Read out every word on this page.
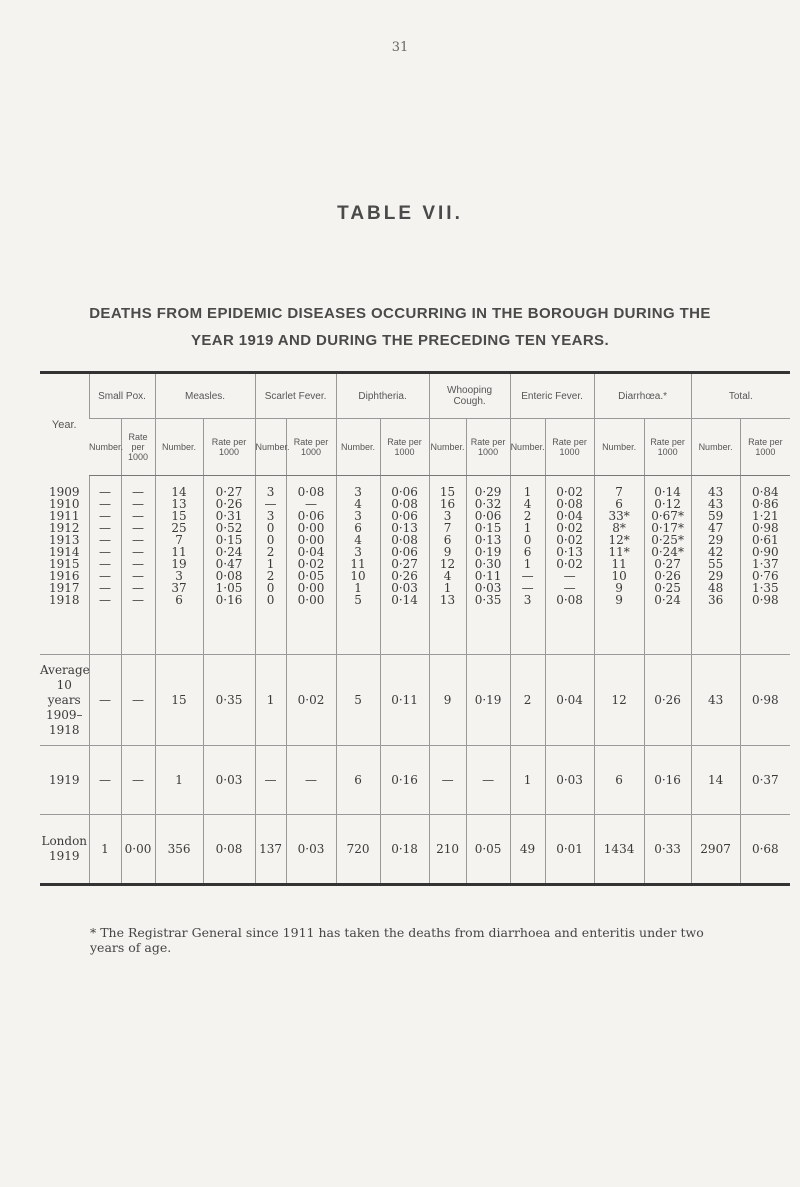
31
TABLE VII.
DEATHS FROM EPIDEMIC DISEASES OCCURRING IN THE BOROUGH DURING THE YEAR 1919 AND DURING THE PRECEDING TEN YEARS.
Year.	Small Pox.		Measles.		Scarlet Fever.		Diphtheria.		Whooping Cough.		Enteric Fever.		Diarrhœa.*		Total.	
	Number.	Rate per 1000	Number.	Rate per 1000	Number.	Rate per 1000	Number.	Rate per 1000	Number.	Rate per 1000	Number.	Rate per 1000	Number.	Rate per 1000	Number.	Rate per 1000

1909	—	—	14	0·27	3	0·08	3	0·06	15	0·29	1	0·02	7	0·14	43	0·84
1910	—	—	13	0·26	—	—	4	0·08	16	0·32	4	0·08	6	0·12	43	0·86
1911	—	—	15	0·31	3	0·06	3	0·06	3	0·06	2	0·04	33*	0·67*	59	1·21
1912	—	—	25	0·52	0	0·00	6	0·13	7	0·15	1	0·02	8*	0·17*	47	0·98
1913	—	—	7	0·15	0	0·00	4	0·08	6	0·13	0	0·02	12*	0·25*	29	0·61
1914	—	—	11	0·24	2	0·04	3	0·06	9	0·19	6	0·13	11*	0·24*	42	0·90
1915	—	—	19	0·47	1	0·02	11	0·27	12	0·30	1	0·02	11	0·27	55	1·37
1916	—	—	3	0·08	2	0·05	10	0·26	4	0·11	—	—	10	0·26	29	0·76
1917	—	—	37	1·05	0	0·00	1	0·03	1	0·03	—	—	9	0·25	48	1·35
1918	—	—	6	0·16	0	0·00	5	0·14	13	0·35	3	0·08	9	0·24	36	0·98

Average
10 years
1909–
1918	—	—	15	0·35	1	0·02	5	0·11	9	0·19	2	0·04	12	0·26	43	0·98
1919	—	—	1	0·03	—	—	6	0·16	—	—	1	0·03	6	0·16	14	0·37

London
1919	1	0·00	356	0·08	137	0·03	720	0·18	210	0·05	49	0·01	1434	0·33	2907	0·68
* The Registrar General since 1911 has taken the deaths from diarrhoea and enteritis under two years of age.
